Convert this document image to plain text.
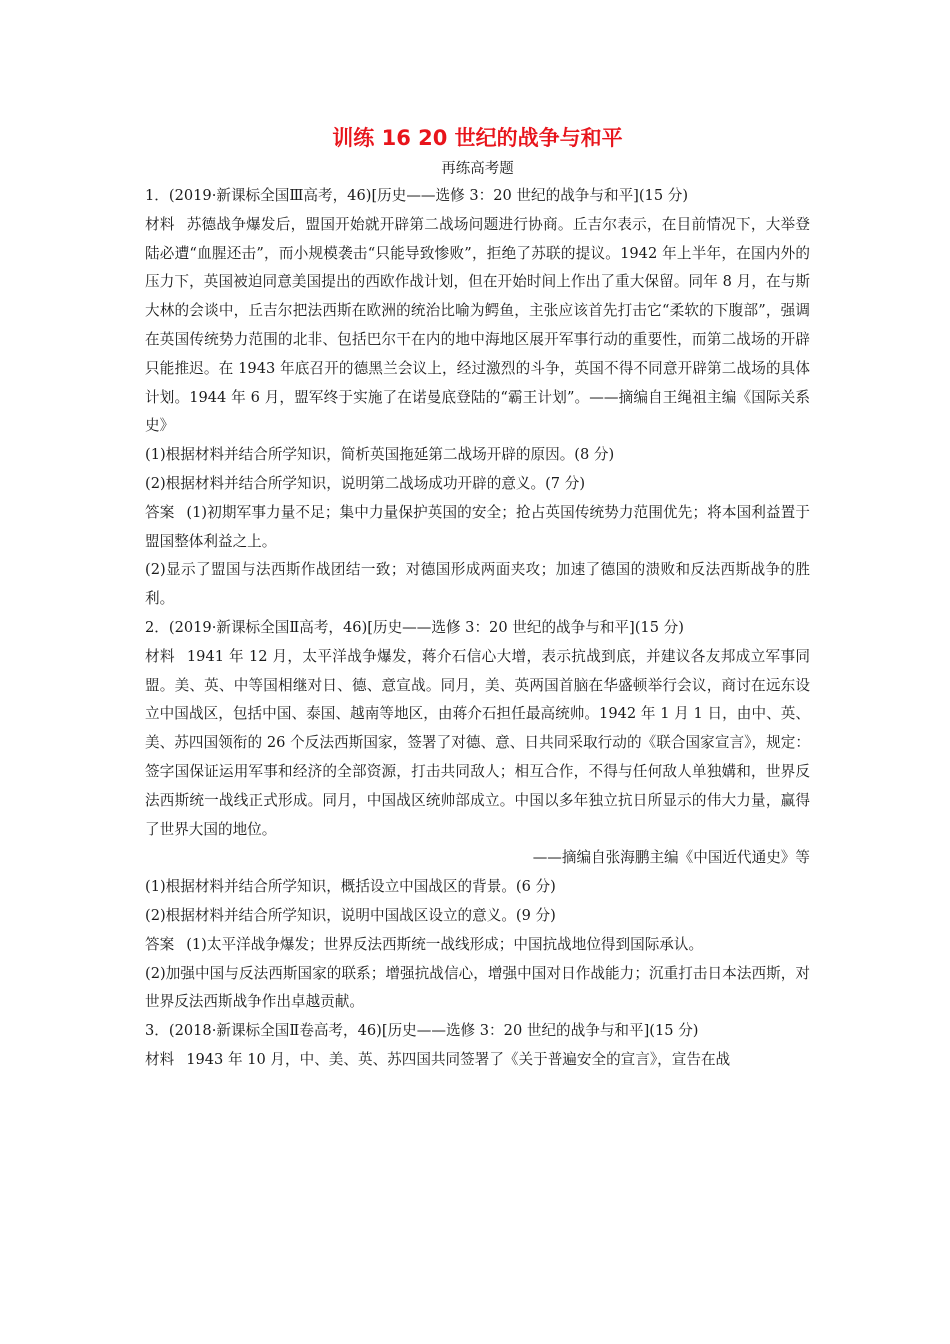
训练 16 20 世纪的战争与和平
再练高考题

1．(2019·新课标全国Ⅲ高考，46)[历史——选修 3：20 世纪的战争与和平](15 分)

材料 苏德战争爆发后，盟国开始就开辟第二战场问题进行协商。丘吉尔表示，在目前情况下，大举登陆必遭“血腥还击”，而小规模袭击“只能导致惨败”，拒绝了苏联的提议。1942 年上半年，在国内外的压力下，英国被迫同意美国提出的西欧作战计划，但在开始时间上作出了重大保留。同年 8 月，在与斯大林的会谈中，丘吉尔把法西斯在欧洲的统治比喻为鳄鱼，主张应该首先打击它“柔软的下腹部”，强调在英国传统势力范围的北非、包括巴尔干在内的地中海地区展开军事行动的重要性，而第二战场的开辟只能推迟。在 1943 年底召开的德黑兰会议上，经过激烈的斗争，英国不得不同意开辟第二战场的具体计划。1944 年 6 月，盟军终于实施了在诺曼底登陆的“霸王计划”。——摘编自王绳祖主编《国际关系史》

(1)根据材料并结合所学知识，简析英国拖延第二战场开辟的原因。(8 分)

(2)根据材料并结合所学知识，说明第二战场成功开辟的意义。(7 分)

答案 (1)初期军事力量不足；集中力量保护英国的安全；抢占英国传统势力范围优先；将本国利益置于盟国整体利益之上。

(2)显示了盟国与法西斯作战团结一致；对德国形成两面夹攻；加速了德国的溃败和反法西斯战争的胜利。

2．(2019·新课标全国Ⅱ高考，46)[历史——选修 3：20 世纪的战争与和平](15 分)

材料 1941 年 12 月，太平洋战争爆发，蒋介石信心大增，表示抗战到底，并建议各友邦成立军事同盟。美、英、中等国相继对日、德、意宣战。同月，美、英两国首脑在华盛顿举行会议，商讨在远东设立中国战区，包括中国、泰国、越南等地区，由蒋介石担任最高统帅。1942 年 1 月 1 日，由中、英、美、苏四国领衔的 26 个反法西斯国家，签署了对德、意、日共同采取行动的《联合国家宣言》，规定：签字国保证运用军事和经济的全部资源，打击共同敌人；相互合作，不得与任何敌人单独媾和，世界反法西斯统一战线正式形成。同月，中国战区统帅部成立。中国以多年独立抗日所显示的伟大力量，赢得了世界大国的地位。

——摘编自张海鹏主编《中国近代通史》等

(1)根据材料并结合所学知识，概括设立中国战区的背景。(6 分)

(2)根据材料并结合所学知识，说明中国战区设立的意义。(9 分)

答案 (1)太平洋战争爆发；世界反法西斯统一战线形成；中国抗战地位得到国际承认。

(2)加强中国与反法西斯国家的联系；增强抗战信心，增强中国对日作战能力；沉重打击日本法西斯，对世界反法西斯战争作出卓越贡献。

3．(2018·新课标全国Ⅱ卷高考，46)[历史——选修 3：20 世纪的战争与和平](15 分)

材料 1943 年 10 月，中、美、英、苏四国共同签署了《关于普遍安全的宣言》，宣告在战
